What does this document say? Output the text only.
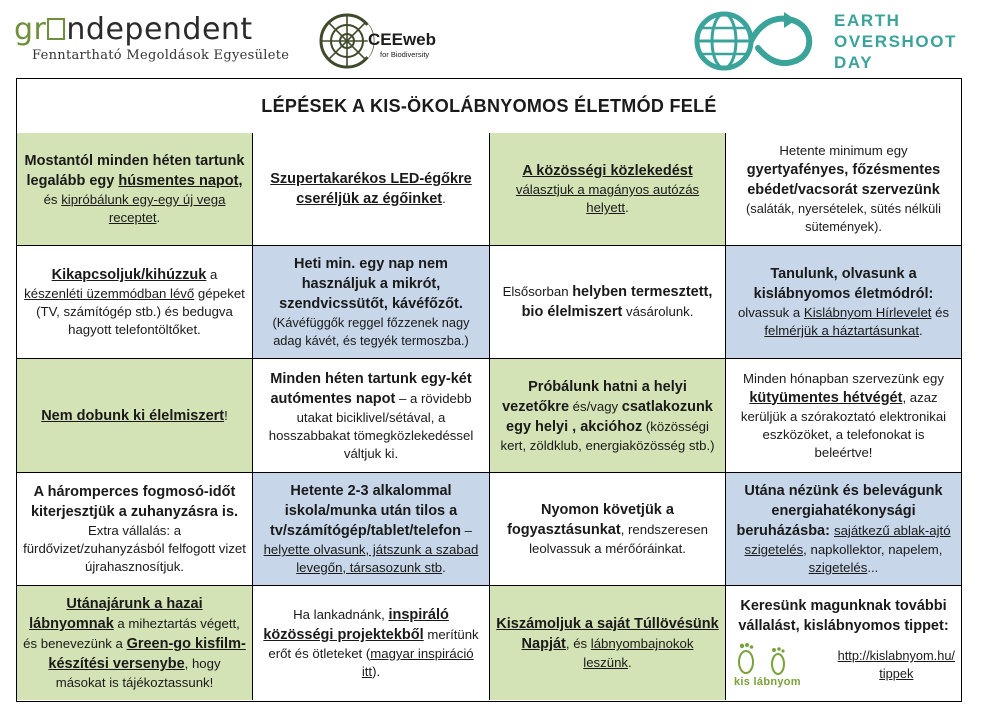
gr ndependent
Fenntartható Megoldások Egyesülete
CEEweb
for Biodiversity
EARTH
OVERSHOOT
DAY
LÉPÉSEK A KIS-ÖKOLÁBNYOMOS ÉLETMÓD FELÉ

Mostantól minden héten tartunk legalább egy húsmentes napot,
és kipróbálunk egy-egy új vega receptet.

Szupertakarékos LED-égőkre cseréljük az égőinket.

A közösségi közlekedést
választjuk a magányos autózás helyett.

Hetente minimum egy gyertyafényes, főzésmentes ebédet/vacsorát szervezünk
(saláták, nyersételek, sütés nélküli sütemények).

Kikapcsoljuk/kihúzzuk a készenléti üzemmódban lévő gépeket (TV, számítógép stb.) és bedugva hagyott telefontöltőket.

Heti min. egy nap nem használjuk a mikrót, szendvicssütőt, kávéfőzőt.
(Kávéfüggők reggel főzzenek nagy adag kávét, és tegyék termoszba.)

Elsősorban helyben termesztett, bio élelmiszert vásárolunk.

Tanulunk, olvasunk a kislábnyomos életmódról:
olvassuk a Kislábnyom Hírlevelet és felmérjük a háztartásunkat.

Nem dobunk ki élelmiszert!

Minden héten tartunk egy-két autómentes napot – a rövidebb utakat biciklivel/sétával, a hosszabbakat tömegközlekedéssel váltjuk ki.

Próbálunk hatni a helyi vezetőkre és/vagy csatlakozunk egy helyi , akcióhoz (közösségi kert, zöldklub, energiaközösség stb.)

Minden hónapban szervezünk egy kütyümentes hétvégét, azaz kerüljük a szórakoztató elektronikai eszközöket, a telefonokat is beleértve!

A háromperces fogmosó-időt kiterjesztjük a zuhanyzásra is.
Extra vállalás: a fürdővizet/zuhanyzásból felfogott vizet újrahasznosítjuk.

Hetente 2-3 alkalommal iskola/munka után tilos a tv/számítógép/tablet/telefon – helyette olvasunk, játszunk a szabad levegőn, társasozunk stb.

Nyomon követjük a fogyasztásunkat, rendszeresen leolvassuk a mérőóráinkat.

Utána nézünk és belevágunk energiahatékonysági beruházásba: sajátkezű ablak-ajtó szigetelés, napkollektor, napelem, szigetelés...

Utánajárunk a hazai lábnyomnak a miheztartás végett, és benevezünk a Green-go kisfilm-készítési versenybe, hogy másokat is tájékoztassunk!

Ha lankadnánk, inspiráló közösségi projektekből merítünk erőt és ötleteket (magyar inspiráció itt).

Kiszámoljuk a saját Túllövésünk Napját, és lábnyombajnokok leszünk.

Keresünk magunknak további vállalást, kislábnyomos tippet:

kis lábnyom
http://kislabnyom.hu/
tippek
